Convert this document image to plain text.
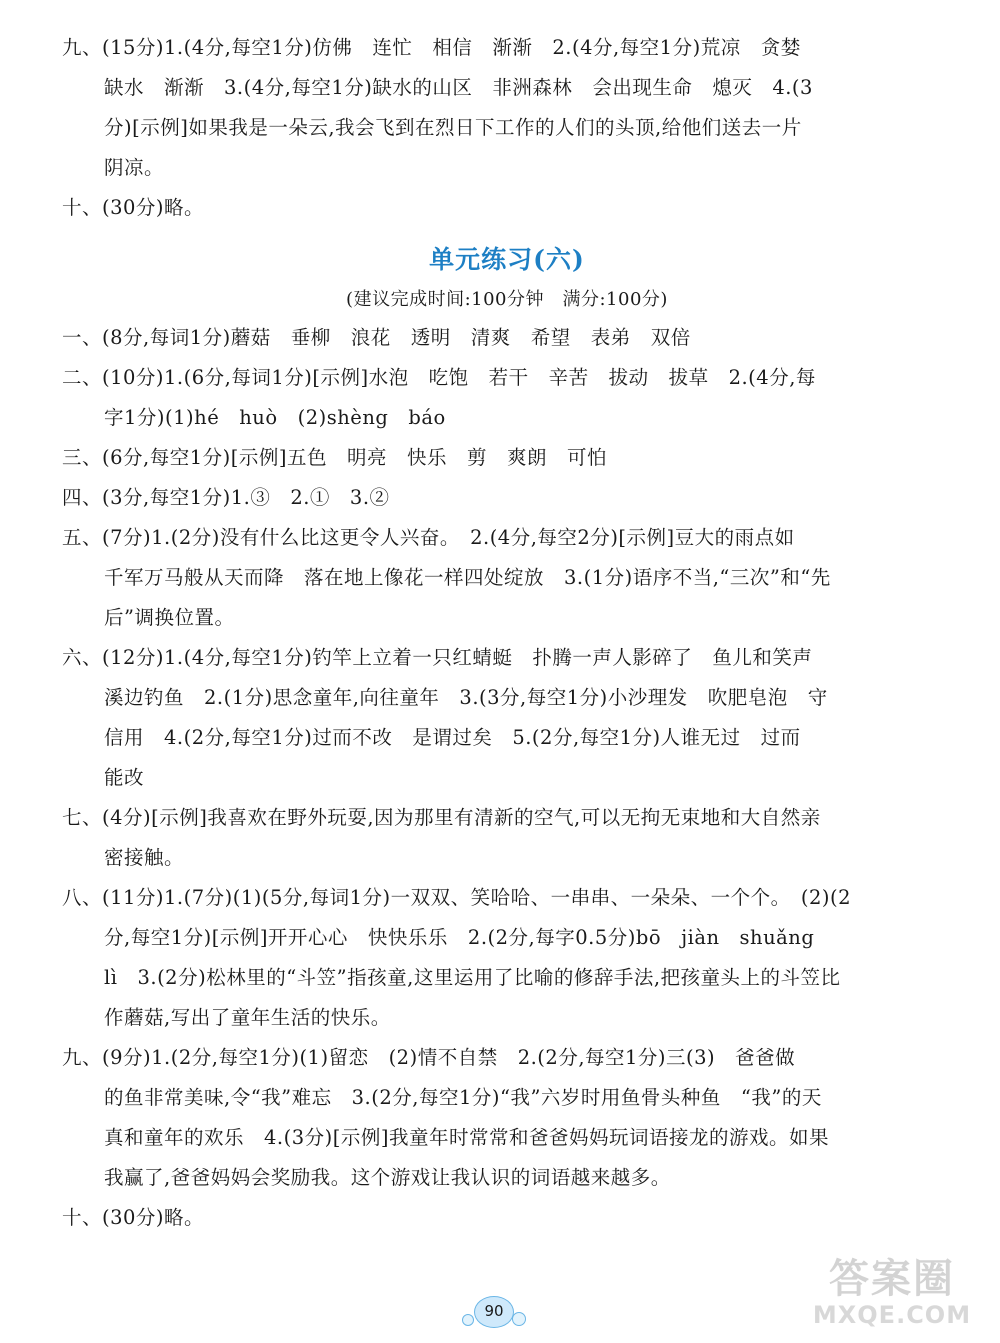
九、(15分)1.(4分,每空1分)仿佛　连忙　相信　渐渐　2.(4分,每空1分)荒凉　贪婪
缺水　渐渐　3.(4分,每空1分)缺水的山区　非洲森林　会出现生命　熄灭　4.(3
分)[示例]如果我是一朵云,我会飞到在烈日下工作的人们的头顶,给他们送去一片
阴凉。
十、(30分)略。
单元练习(六)
(建议完成时间:100分钟　满分:100分)
一、(8分,每词1分)蘑菇　垂柳　浪花　透明　清爽　希望　表弟　双倍
二、(10分)1.(6分,每词1分)[示例]水泡　吃饱　若干　辛苦　拔动　拔草　2.(4分,每
字1分)(1)hé　huò　(2)shèng　báo
三、(6分,每空1分)[示例]五色　明亮　快乐　剪　爽朗　可怕
四、(3分,每空1分)1.③　2.①　3.②
五、(7分)1.(2分)没有什么比这更令人兴奋。　2.(4分,每空2分)[示例]豆大的雨点如
千军万马般从天而降　落在地上像花一样四处绽放　3.(1分)语序不当,“三次”和“先
后”调换位置。
六、(12分)1.(4分,每空1分)钓竿上立着一只红蜻蜓　扑腾一声人影碎了　鱼儿和笑声
溪边钓鱼　2.(1分)思念童年,向往童年　3.(3分,每空1分)小沙理发　吹肥皂泡　守
信用　4.(2分,每空1分)过而不改　是谓过矣　5.(2分,每空1分)人谁无过　过而
能改
七、(4分)[示例]我喜欢在野外玩耍,因为那里有清新的空气,可以无拘无束地和大自然亲
密接触。
八、(11分)1.(7分)(1)(5分,每词1分)一双双、笑哈哈、一串串、一朵朵、一个个。　(2)(2
分,每空1分)[示例]开开心心　快快乐乐　2.(2分,每字0.5分)bō　jiàn　shuǎng
lì　3.(2分)松林里的“斗笠”指孩童,这里运用了比喻的修辞手法,把孩童头上的斗笠比
作蘑菇,写出了童年生活的快乐。
九、(9分)1.(2分,每空1分)(1)留恋　(2)情不自禁　2.(2分,每空1分)三(3)　爸爸做
的鱼非常美味,令“我”难忘　3.(2分,每空1分)“我”六岁时用鱼骨头种鱼　“我”的天
真和童年的欢乐　4.(3分)[示例]我童年时常常和爸爸妈妈玩词语接龙的游戏。如果
我赢了,爸爸妈妈会奖励我。这个游戏让我认识的词语越来越多。
十、(30分)略。
90
答案圈
MXQE.COM
